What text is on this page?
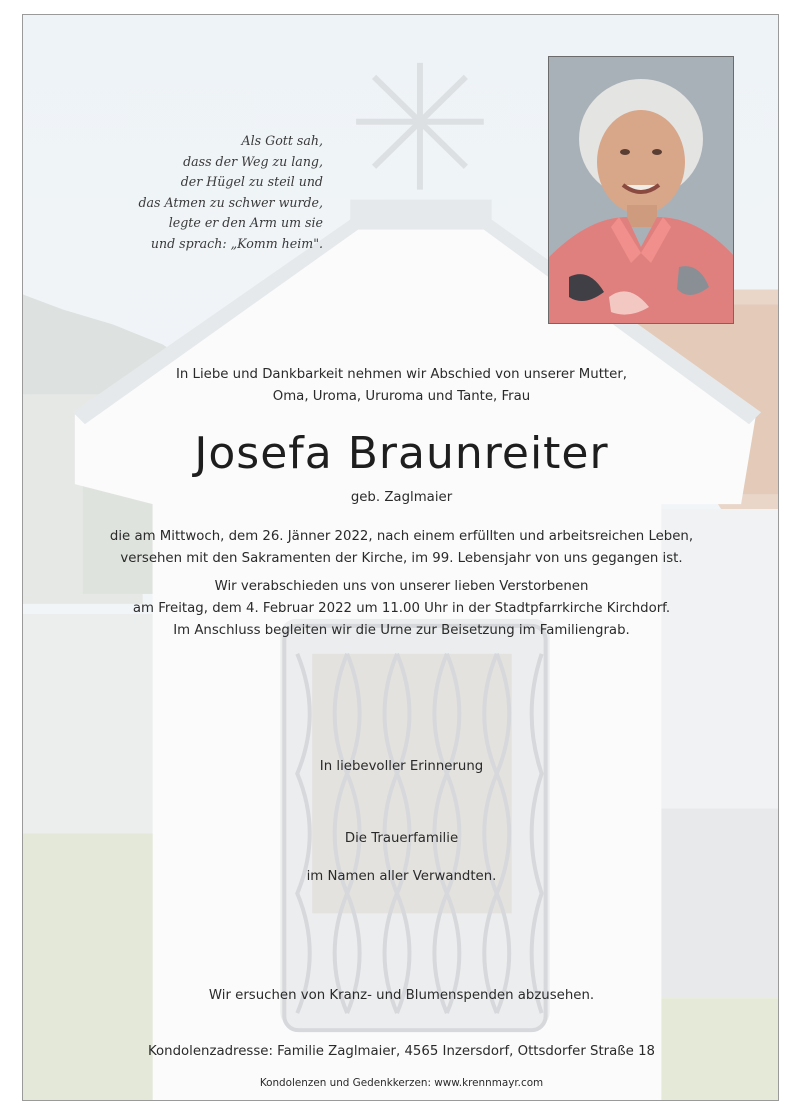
Als Gott sah,
dass der Weg zu lang,
der Hügel zu steil und
das Atmen zu schwer wurde,
legte er den Arm um sie
und sprach: „Komm heim".
In Liebe und Dankbarkeit nehmen wir Abschied von unserer Mutter,
Oma, Uroma, Ururoma und Tante, Frau
Josefa Braunreiter
geb. Zaglmaier
die am Mittwoch, dem 26. Jänner 2022, nach einem erfüllten und arbeitsreichen Leben,
versehen mit den Sakramenten der Kirche, im 99. Lebensjahr von uns gegangen ist.
Wir verabschieden uns von unserer lieben Verstorbenen
am Freitag, dem 4. Februar 2022 um 11.00 Uhr in der Stadtpfarrkirche Kirchdorf.
Im Anschluss begleiten wir die Urne zur Beisetzung im Familiengrab.
In liebevoller Erinnerung
Die Trauerfamilie
im Namen aller Verwandten.
Wir ersuchen von Kranz- und Blumenspenden abzusehen.
Kondolenzadresse: Familie Zaglmaier, 4565 Inzersdorf, Ottsdorfer Straße 18
Kondolenzen und Gedenkkerzen: www.krennmayr.com
